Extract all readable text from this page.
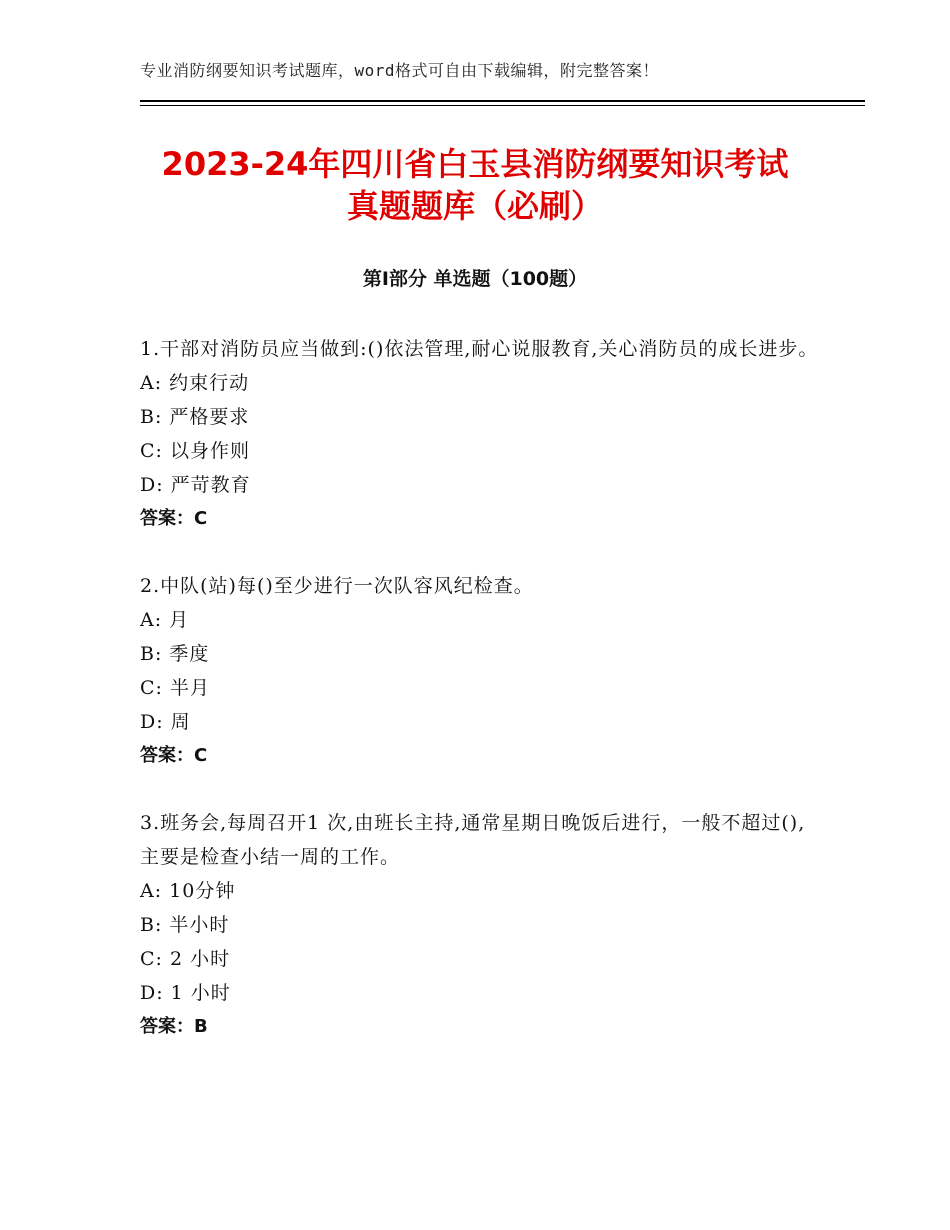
专业消防纲要知识考试题库，word格式可自由下载编辑，附完整答案！
2023-24年四川省白玉县消防纲要知识考试
真题题库（必刷）
第Ⅰ部分 单选题（100题）
1.干部对消防员应当做到:()依法管理,耐心说服教育,关心消防员的成长进步。
A: 约束行动
B: 严格要求
C: 以身作则
D: 严苛教育
答案：C
2.中队(站)每()至少进行一次队容风纪检查。
A: 月
B: 季度
C: 半月
D: 周
答案：C
3.班务会,每周召开1 次,由班长主持,通常星期日晚饭后进行，一般不超过(),主要是检查小结一周的工作。
A: 10分钟
B: 半小时
C: 2 小时
D: 1 小时
答案：B
